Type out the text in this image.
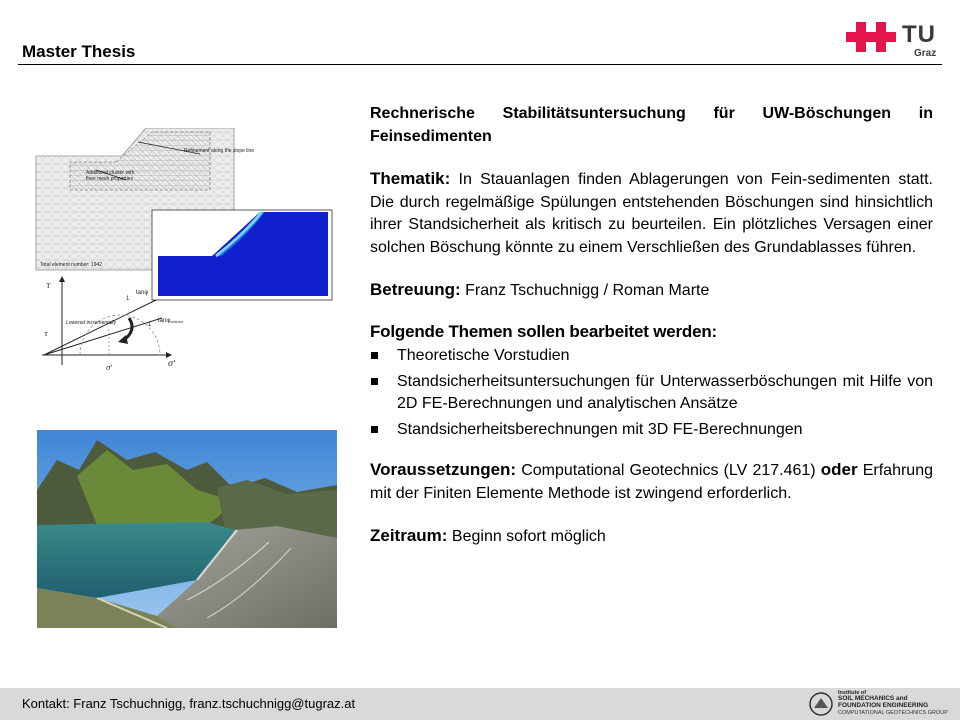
Master Thesis
TU
Graz
Refinement along the slope line
Additional cluster with
finer mesh properties
Total element number: 1942
τ
τ
σ'
σ'
tanφ
1
tanφreduced
1
Lowered incrementally

Rechnerische Stabilitätsuntersuchung für UW-Böschungen in Feinsedimenten

Thematik: In Stauanlagen finden Ablagerungen von Fein-sedimenten statt. Die durch regelmäßige Spülungen entstehenden Böschungen sind hinsichtlich ihrer Standsicherheit als kritisch zu beurteilen. Ein plötzliches Versagen einer solchen Böschung könnte zu einem Verschließen des Grundablasses führen.

Betreuung: Franz Tschuchnigg / Roman Marte

Folgende Themen sollen bearbeitet werden:

Theoretische Vorstudien
Standsicherheitsuntersuchungen für Unterwasserböschungen mit Hilfe von 2D FE-Berechnungen und analytischen Ansätze
Standsicherheitsberechnungen mit 3D FE-Berechnungen

Voraussetzungen: Computational Geotechnics (LV 217.461) oder Erfahrung mit der Finiten Elemente Methode ist zwingend erforderlich.

Zeitraum: Beginn sofort möglich

Kontakt: Franz Tschuchnigg, franz.tschuchnigg@tugraz.at
Institute of
SOIL MECHANICS and
FOUNDATION ENGINEERING
COMPUTATIONAL GEOTECHNICS GROUP
